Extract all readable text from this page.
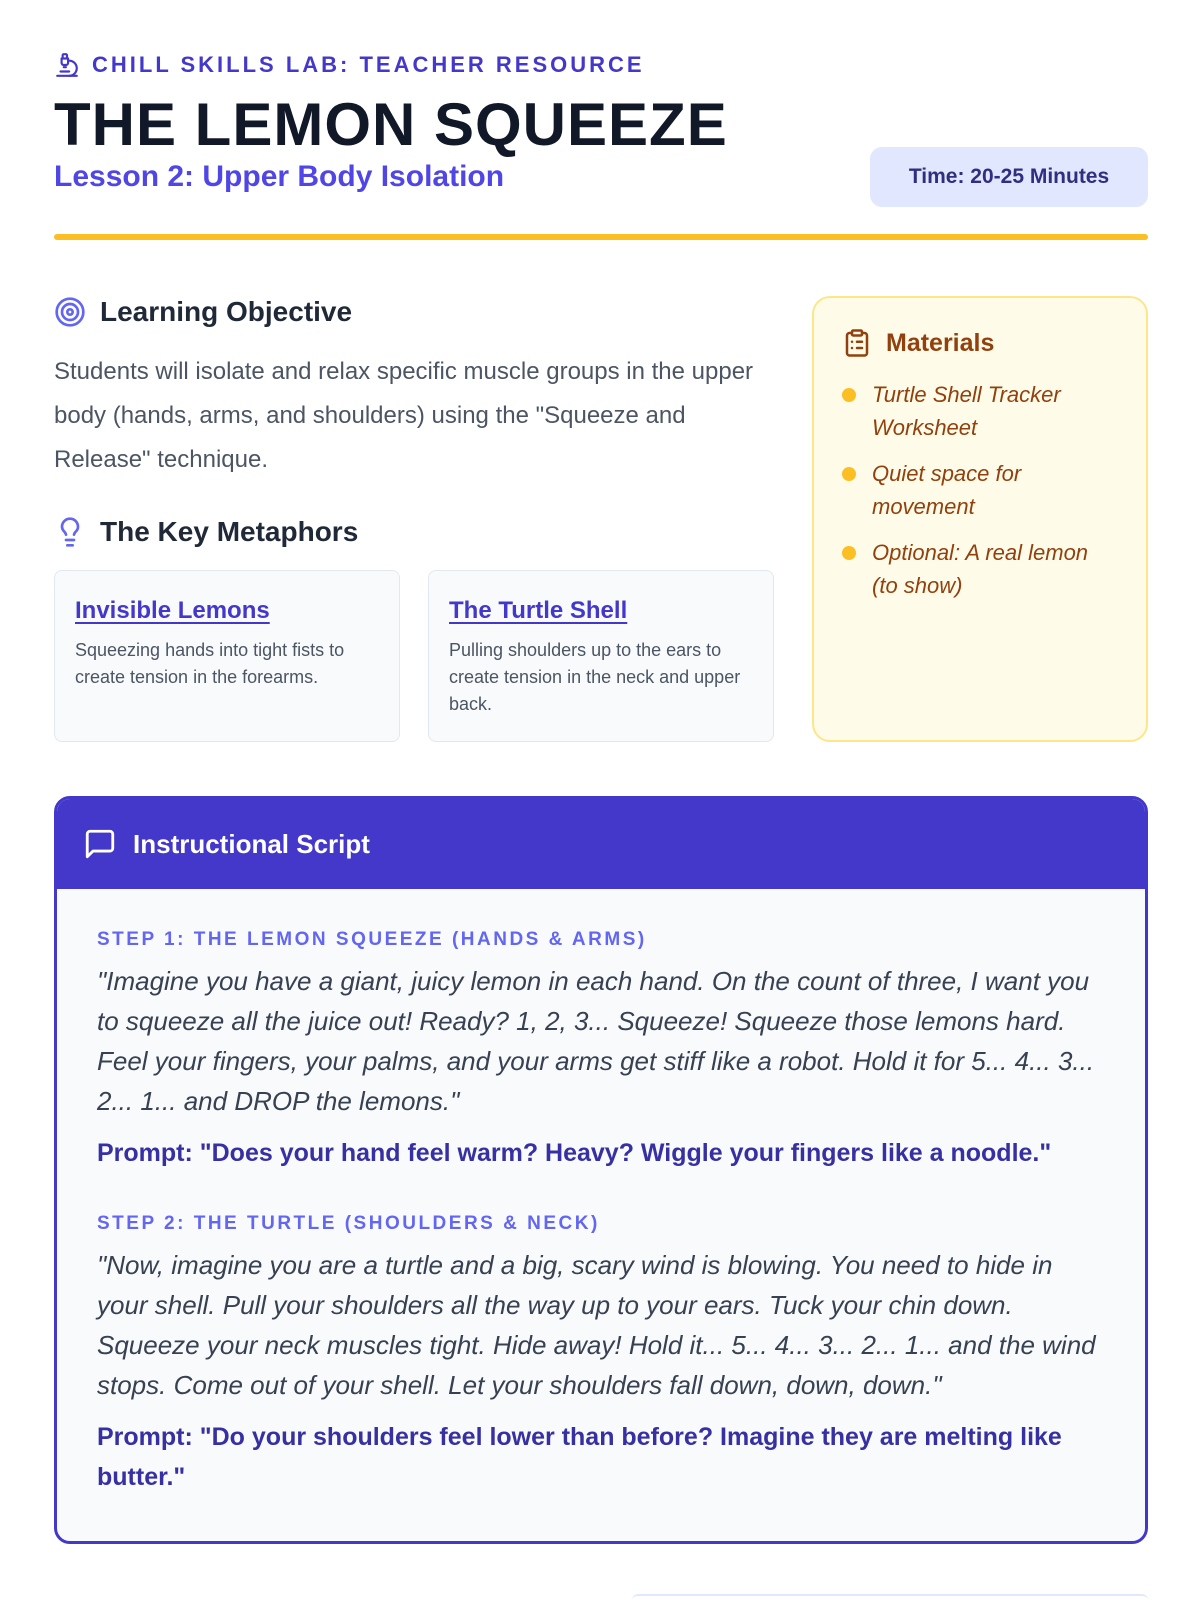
CHILL SKILLS LAB: TEACHER RESOURCE
THE LEMON SQUEEZE
Lesson 2: Upper Body Isolation	Time: 20-25 Minutes
Learning Objective

Students will isolate and relax specific muscle groups in the upper body (hands, arms, and shoulders) using the "Squeeze and Release" technique.

The Key Metaphors
Invisible Lemons
Squeezing hands into tight fists to create tension in the forearms.
The Turtle Shell
Pulling shoulders up to the ears to create tension in the neck and upper back.
Materials
Turtle Shell Tracker Worksheet
Quiet space for movement
Optional: A real lemon (to show)
Instructional Script
STEP 1: THE LEMON SQUEEZE (HANDS & ARMS)
"Imagine you have a giant, juicy lemon in each hand. On the count of three, I want you to squeeze all the juice out! Ready? 1, 2, 3... Squeeze! Squeeze those lemons hard. Feel your fingers, your palms, and your arms get stiff like a robot. Hold it for 5... 4... 3... 2... 1... and DROP the lemons."
Prompt: "Does your hand feel warm? Heavy? Wiggle your fingers like a noodle."
STEP 2: THE TURTLE (SHOULDERS & NECK)
"Now, imagine you are a turtle and a big, scary wind is blowing. You need to hide in your shell. Pull your shoulders all the way up to your ears. Tuck your chin down. Squeeze your neck muscles tight. Hide away! Hold it... 5... 4... 3... 2... 1... and the wind stops. Come out of your shell. Let your shoulders fall down, down, down."
Prompt: "Do your shoulders feel lower than before? Imagine they are melting like butter."
